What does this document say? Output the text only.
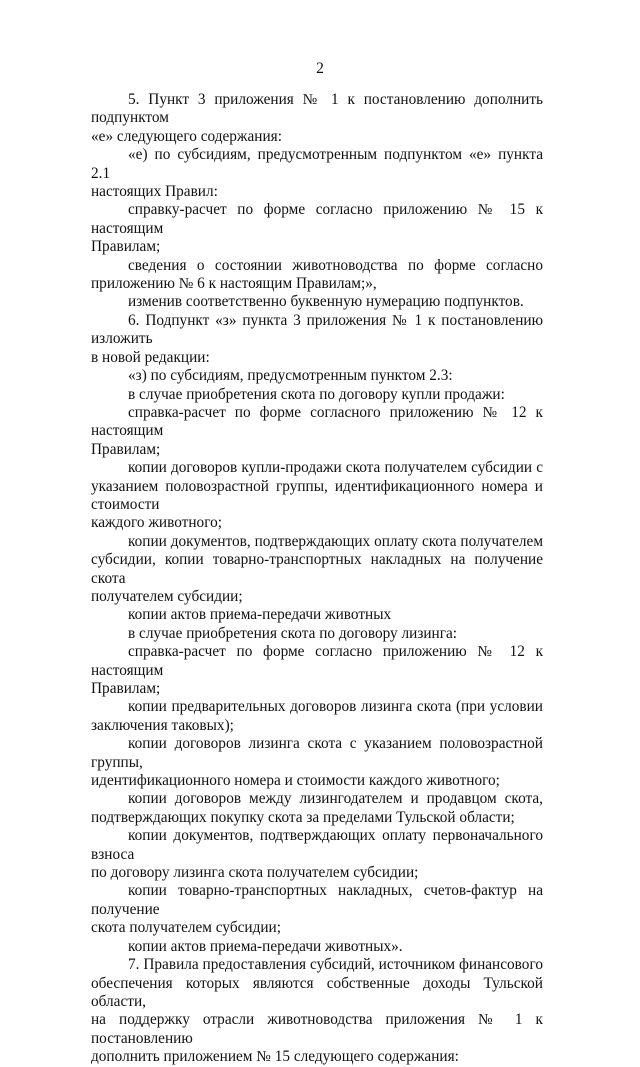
2
5. Пункт 3 приложения № 1 к постановлению дополнить подпунктом
«е» следующего содержания:
«е) по субсидиям, предусмотренным подпунктом «е» пункта 2.1
настоящих Правил:
справку-расчет по форме согласно приложению № 15 к настоящим
Правилам;
сведения о состоянии животноводства по форме согласно
приложению № 6 к настоящим Правилам;»,
изменив соответственно буквенную нумерацию подпунктов.
6. Подпункт «з» пункта 3 приложения № 1 к постановлению изложить
в новой редакции:
«з) по субсидиям, предусмотренным пунктом 2.3:
в случае приобретения скота по договору купли продажи:
справка-расчет по форме согласного приложению № 12 к настоящим
Правилам;
копии договоров купли-продажи скота получателем субсидии с
указанием половозрастной группы, идентификационного номера и стоимости
каждого животного;
копии документов, подтверждающих оплату скота получателем
субсидии, копии товарно-транспортных накладных на получение скота
получателем субсидии;
копии актов приема-передачи животных
в случае приобретения скота по договору лизинга:
справка-расчет по форме согласно приложению № 12 к настоящим
Правилам;
копии предварительных договоров лизинга скота (при условии
заключения таковых);
копии договоров лизинга скота с указанием половозрастной группы,
идентификационного номера и стоимости каждого животного;
копии договоров между лизингодателем и продавцом скота,
подтверждающих покупку скота за пределами Тульской области;
копии документов, подтверждающих оплату первоначального взноса
по договору лизинга скота получателем субсидии;
копии товарно-транспортных накладных, счетов-фактур на получение
скота получателем субсидии;
копии актов приема-передачи животных».
7. Правила предоставления субсидий, источником финансового
обеспечения которых являются собственные доходы Тульской области,
на поддержку отрасли животноводства приложения № 1 к постановлению
дополнить приложением № 15 следующего содержания:
